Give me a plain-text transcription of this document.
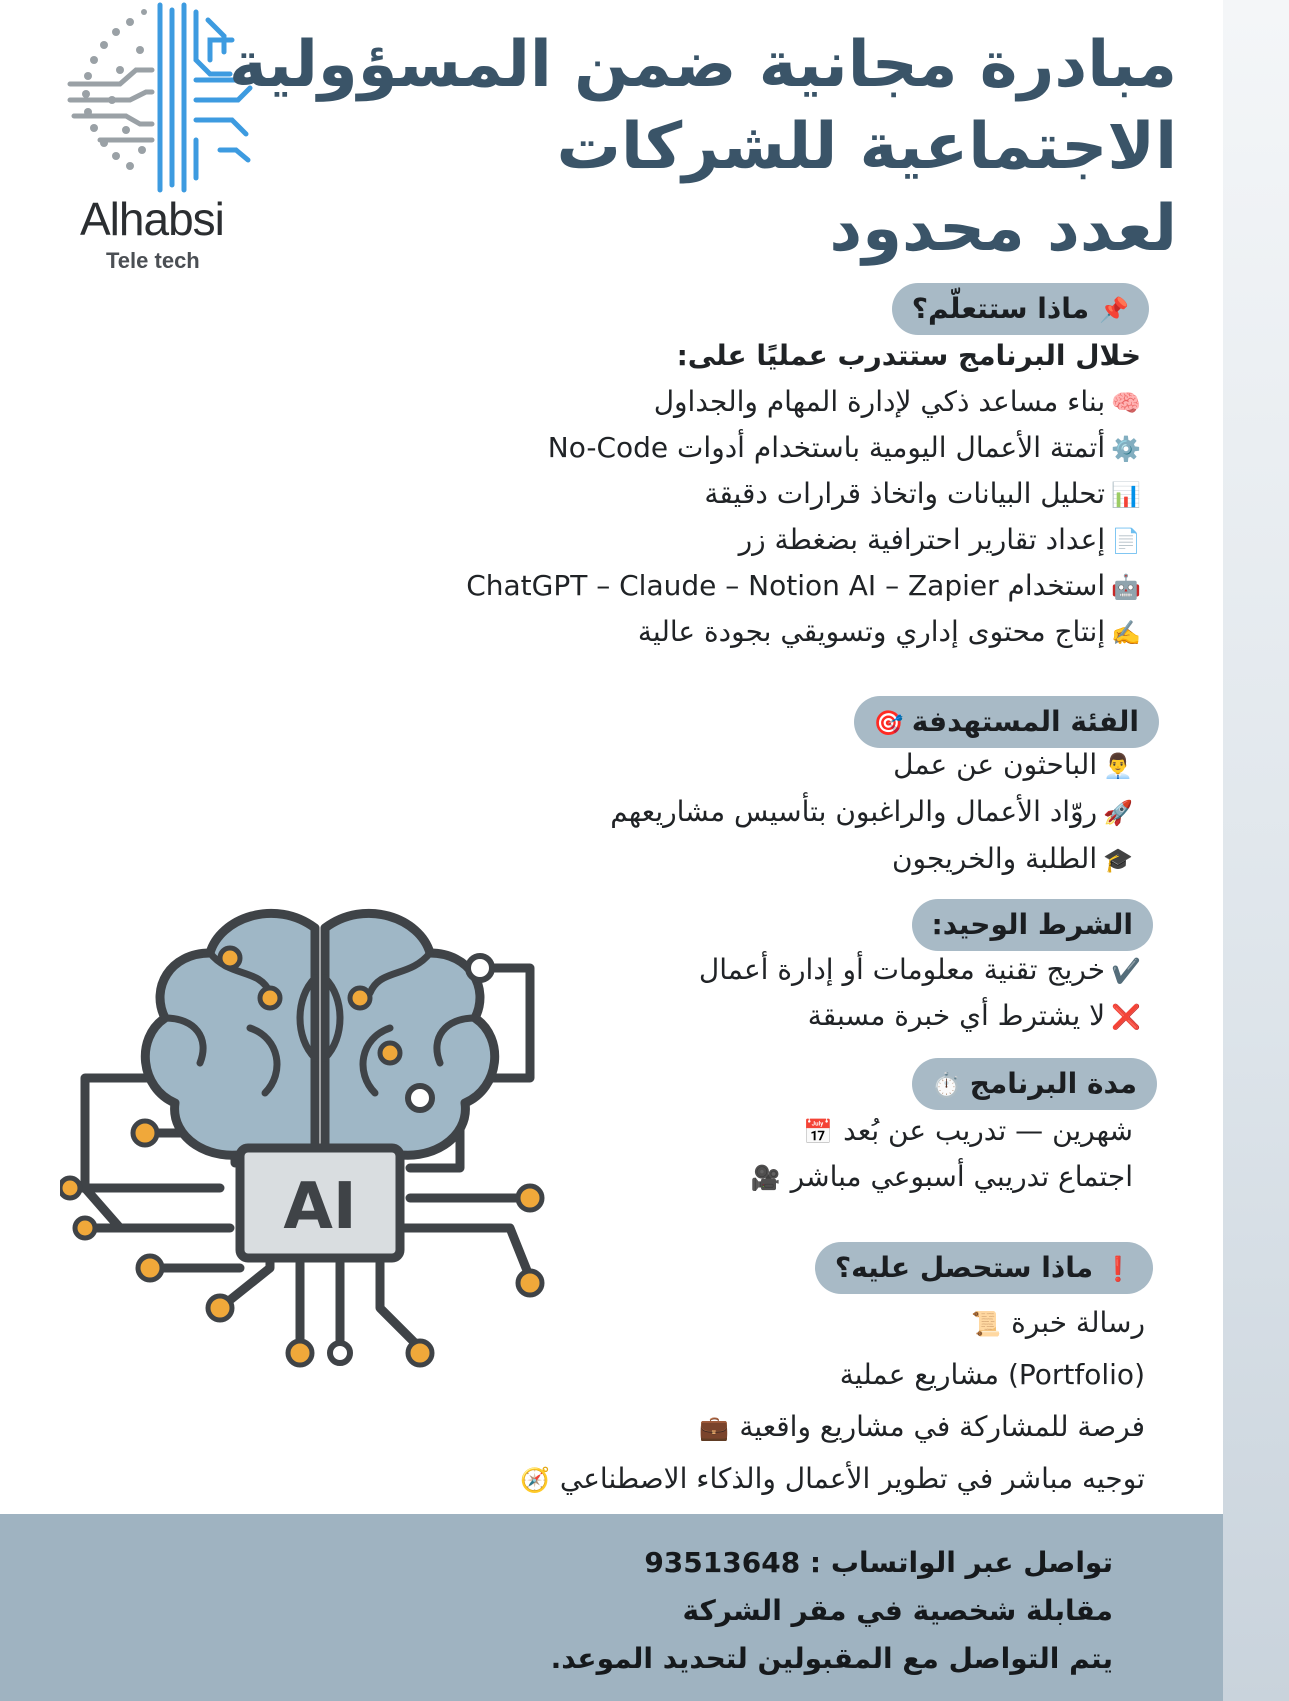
Alhabsi
Tele tech
مبادرة مجانية ضمن المسؤولية
الاجتماعية للشركات
لعدد محدود
📌ماذا ستتعلّم؟
خلال البرنامج ستتدرب عمليًا على:
🧠بناء مساعد ذكي لإدارة المهام والجداول
⚙️أتمتة الأعمال اليومية باستخدام أدوات No-Code
📊تحليل البيانات واتخاذ قرارات دقيقة
📄إعداد تقارير احترافية بضغطة زر
🤖استخدام ChatGPT – Claude – Notion AI – Zapier
✍️إنتاج محتوى إداري وتسويقي بجودة عالية
الفئة المستهدفة🎯
👨‍💼الباحثون عن عمل
🚀روّاد الأعمال والراغبون بتأسيس مشاريعهم
🎓الطلبة والخريجون
الشرط الوحيد:
✔️خريج تقنية معلومات أو إدارة أعمال
❌لا يشترط أي خبرة مسبقة
مدة البرنامج⏱️
شهرين — تدريب عن بُعد📅
اجتماع تدريبي أسبوعي مباشر🎥
❗ماذا ستحصل عليه؟
رسالة خبرة📜
(Portfolio) مشاريع عملية
فرصة للمشاركة في مشاريع واقعية💼
توجيه مباشر في تطوير الأعمال والذكاء الاصطناعي🧭
AI
تواصل عبر الواتساب : 93513648
مقابلة شخصية في مقر الشركة
يتم التواصل مع المقبولين لتحديد الموعد.
